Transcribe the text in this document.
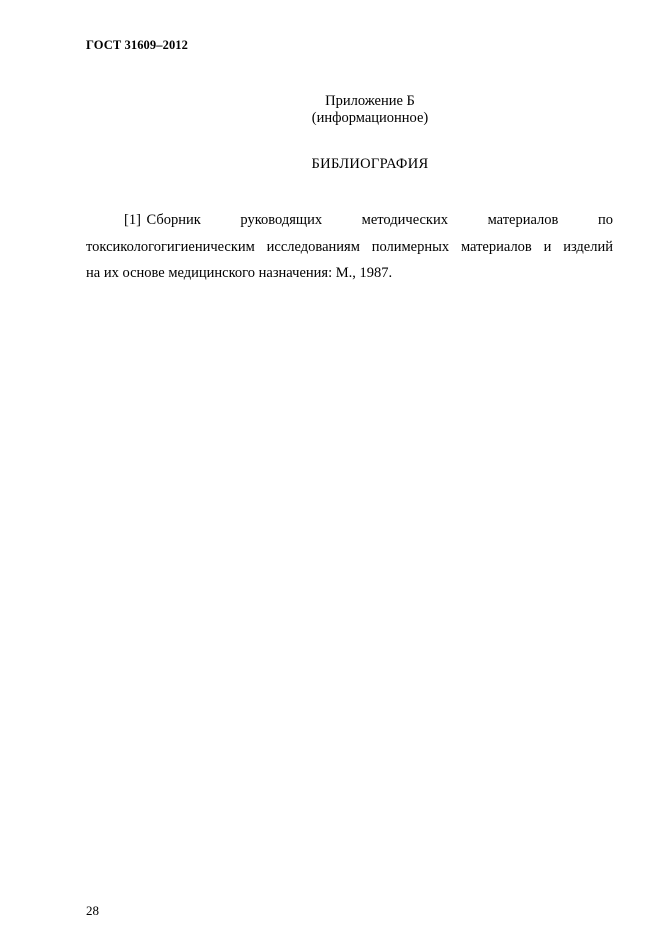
ГОСТ 31609–2012
Приложение Б
(информационное)
БИБЛИОГРАФИЯ
[1] Сборник	руководящих	методических	материалов	по
токсикологогигиеническим исследованиям полимерных материалов и изделий
на их основе медицинского назначения: М., 1987.
28
